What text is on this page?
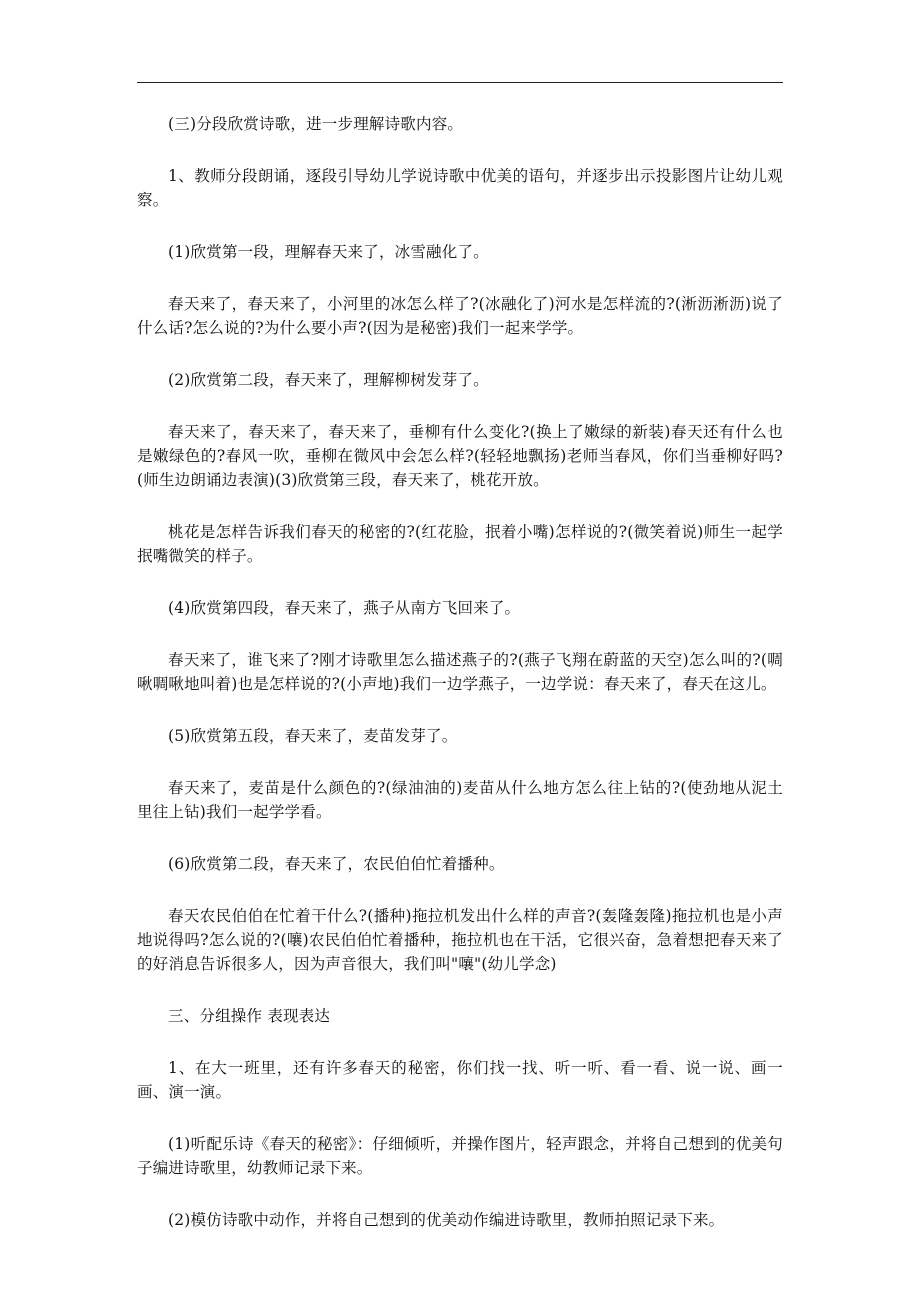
(三)分段欣赏诗歌，进一步理解诗歌内容。

1、教师分段朗诵，逐段引导幼儿学说诗歌中优美的语句，并逐步出示投影图片让幼儿观察。

(1)欣赏第一段，理解春天来了，冰雪融化了。

春天来了，春天来了，小河里的冰怎么样了?(冰融化了)河水是怎样流的?(淅沥淅沥)说了什么话?怎么说的?为什么要小声?(因为是秘密)我们一起来学学。

(2)欣赏第二段，春天来了，理解柳树发芽了。

春天来了，春天来了，春天来了，垂柳有什么变化?(换上了嫩绿的新装)春天还有什么也是嫩绿色的?春风一吹，垂柳在微风中会怎么样?(轻轻地飘扬)老师当春风，你们当垂柳好吗?(师生边朗诵边表演)(3)欣赏第三段，春天来了，桃花开放。

桃花是怎样告诉我们春天的秘密的?(红花脸，抿着小嘴)怎样说的?(微笑着说)师生一起学抿嘴微笑的样子。

(4)欣赏第四段，春天来了，燕子从南方飞回来了。

春天来了，谁飞来了?刚才诗歌里怎么描述燕子的?(燕子飞翔在蔚蓝的天空)怎么叫的?(啁啾啁啾地叫着)也是怎样说的?(小声地)我们一边学燕子，一边学说：春天来了，春天在这儿。

(5)欣赏第五段，春天来了，麦苗发芽了。

春天来了，麦苗是什么颜色的?(绿油油的)麦苗从什么地方怎么往上钻的?(使劲地从泥土里往上钻)我们一起学学看。

(6)欣赏第二段，春天来了，农民伯伯忙着播种。

春天农民伯伯在忙着干什么?(播种)拖拉机发出什么样的声音?(轰隆轰隆)拖拉机也是小声地说得吗?怎么说的?(嚷)农民伯伯忙着播种，拖拉机也在干活，它很兴奋，急着想把春天来了的好消息告诉很多人，因为声音很大，我们叫"嚷"(幼儿学念)

三、分组操作 表现表达

1、在大一班里，还有许多春天的秘密，你们找一找、听一听、看一看、说一说、画一画、演一演。

(1)听配乐诗《春天的秘密》：仔细倾听，并操作图片，轻声跟念，并将自己想到的优美句子编进诗歌里，幼教师记录下来。

(2)模仿诗歌中动作，并将自己想到的优美动作编进诗歌里，教师拍照记录下来。
